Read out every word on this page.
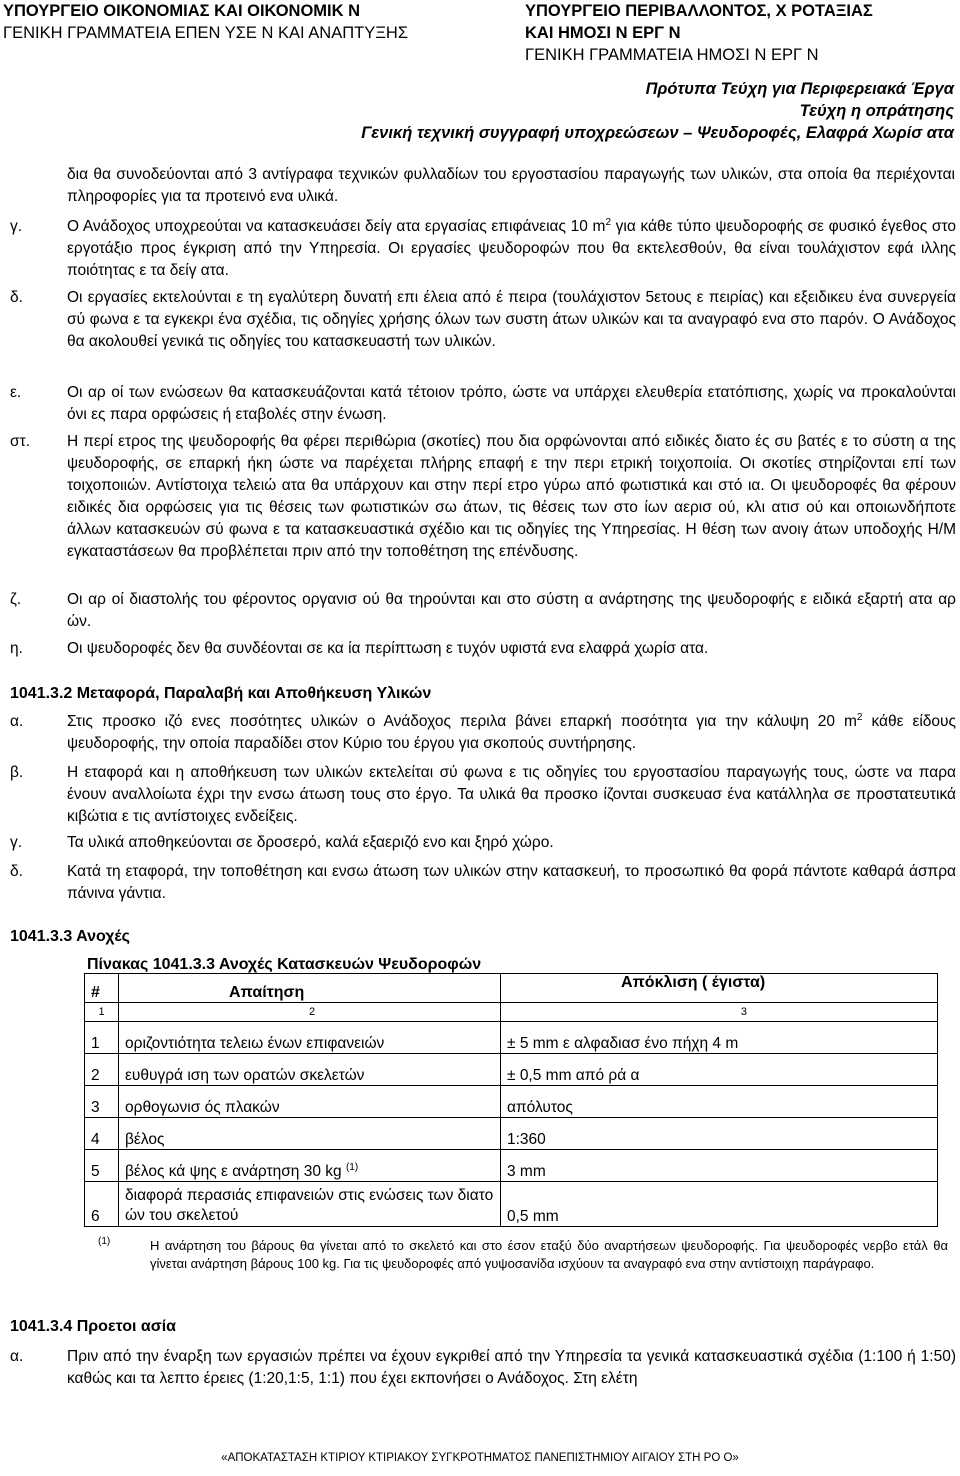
ΥΠΟΥΡΓΕΙΟ ΟΙΚΟΝΟΜΙΑΣ ΚΑΙ ΟΙΚΟΝΟΜΙΚ Ν
ΓΕΝΙΚΗ ΓΡΑΜΜΑΤΕΙΑ ΕΠΕΝ ΥΣΕ Ν ΚΑΙ ΑΝΑΠΤΥΞΗΣ
ΥΠΟΥΡΓΕΙΟ ΠΕΡΙΒΑΛΛΟΝΤΟΣ, Χ ΡΟΤΑΞΙΑΣ
ΚΑΙ ΗΜΟΣΙ Ν ΕΡΓ Ν
ΓΕΝΙΚΗ ΓΡΑΜΜΑΤΕΙΑ ΗΜΟΣΙ Ν ΕΡΓ Ν
Πρότυπα Τεύχη για Περιφερειακά Έργα
Τεύχη η οπράτησης
Γενική τεχνική συγγραφή υποχρεώσεων – Ψευδοροφές, Ελαφρά Χωρίσ ατα
δια θα συνοδεύονται από 3 αντίγραφα τεχνικών φυλλαδίων του εργοστασίου παραγωγής των υλικών, στα οποία θα περιέχονται πληροφορίες για τα προτεινό ενα υλικά.
γ.	Ο Ανάδοχος υποχρεούται να κατασκευάσει δείγ ατα εργασίας επιφάνειας 10 $m^2$ για κάθε τύπο ψευδοροφής σε φυσικό έγεθος στο εργοτάξιο προς έγκριση από την Υπηρεσία. Οι εργασίες ψευδοροφών που θα εκτελεσθούν, θα είναι τουλάχιστον εφά ιλλης ποιότητας ε τα δείγ ατα.
δ.	Οι εργασίες εκτελούνται ε τη εγαλύτερη δυνατή επι έλεια από έ πειρα (τουλάχιστον 5ετους ε πειρίας) και εξειδικευ ένα συνεργεία σύ φωνα ε τα εγκεκρι ένα σχέδια, τις οδηγίες χρήσης όλων των συστη άτων υλικών και τα αναγραφό ενα στο παρόν. Ο Ανάδοχος θα ακολουθεί γενικά τις οδηγίες του κατασκευαστή των υλικών.
ε.	Οι αρ οί των ενώσεων θα κατασκευάζονται κατά τέτοιον τρόπο, ώστε να υπάρχει ελευθερία ετατόπισης, χωρίς να προκαλούνται όνι ες παρα ορφώσεις ή εταβολές στην ένωση.
στ.	Η περί ετρος της ψευδοροφής θα φέρει περιθώρια (σκοτίες) που δια ορφώνονται από ειδικές διατο ές συ βατές ε το σύστη α της ψευδοροφής, σε επαρκή ήκη ώστε να παρέχεται πλήρης επαφή ε την περι ετρική τοιχοποιία. Οι σκοτίες στηρίζονται επί των τοιχοποιιών. Αντίστοιχα τελειώ ατα θα υπάρχουν και στην περί ετρο γύρω από φωτιστικά και στό ια. Οι ψευδοροφές θα φέρουν ειδικές δια ορφώσεις για τις θέσεις των φωτιστικών σω άτων, τις θέσεις των στο ίων αερισ ού, κλι ατισ ού και οποιωνδήποτε άλλων κατασκευών σύ φωνα ε τα κατασκευαστικά σχέδιο και τις οδηγίες της Υπηρεσίας. Η θέση των ανοιγ άτων υποδοχής Η/Μ εγκαταστάσεων θα προβλέπεται πριν από την τοποθέτηση της επένδυσης.
ζ.	Οι αρ οί διαστολής του φέροντος οργανισ ού θα τηρούνται και στο σύστη α ανάρτησης της ψευδοροφής ε ειδικά εξαρτή ατα αρ ών.
η.	Οι ψευδοροφές δεν θα συνδέονται σε κα ία περίπτωση ε τυχόν υφιστά ενα ελαφρά χωρίσ ατα.
1041.3.2 Μεταφορά, Παραλαβή και Αποθήκευση Υλικών
α.	Στις προσκο ιζό ενες ποσότητες υλικών ο Ανάδοχος περιλα βάνει επαρκή ποσότητα για την κάλυψη 20 $m^2$ κάθε είδους ψευδοροφής, την οποία παραδίδει στον Κύριο του έργου για σκοπούς συντήρησης.
β.	Η εταφορά και η αποθήκευση των υλικών εκτελείται σύ φωνα ε τις οδηγίες του εργοστασίου παραγωγής τους, ώστε να παρα ένουν αναλλοίωτα έχρι την ενσω άτωση τους στο έργο. Τα υλικά θα προσκο ίζονται συσκευασ ένα κατάλληλα σε προστατευτικά κιβώτια ε τις αντίστοιχες ενδείξεις.
γ.	Τα υλικά αποθηκεύονται σε δροσερό, καλά εξαεριζό ενο και ξηρό χώρο.
δ.	Κατά τη εταφορά, την τοποθέτηση και ενσω άτωση των υλικών στην κατασκευή, το προσωπικό θα φορά πάντοτε καθαρά άσπρα πάνινα γάντια.
1041.3.3 Ανοχές
Πίνακας 1041.3.3 Ανοχές Κατασκευών Ψευδοροφών
#	Απαίτηση	Απόκλιση ( έγιστα)
1	2	3
1	οριζοντιότητα τελειω ένων επιφανειών	± 5 mm ε αλφαδιασ ένο πήχη 4 m
2	ευθυγρά ιση των ορατών σκελετών	± 0,5 mm από ρά α
3	ορθογωνισ ός πλακών	απόλυτος
4	βέλος	1:360
5	βέλος κά ψης ε ανάρτηση 30 kg $^{(1)}$	3 mm
6	διαφορά περασιάς επιφανειών στις ενώσεις των διατο ών του σκελετού	0,5 mm
(1)	Η ανάρτηση του βάρους θα γίνεται από το σκελετό και στο έσον εταξύ δύο αναρτήσεων ψευδοροφής. Για ψευδοροφές νερβο ετάλ θα γίνεται ανάρτηση βάρους 100 kg. Για τις ψευδοροφές από γυψοσανίδα ισχύουν τα αναγραφό ενα στην αντίστοιχη παράγραφο.
1041.3.4 Προετοι ασία
α.	Πριν από την έναρξη των εργασιών πρέπει να έχουν εγκριθεί από την Υπηρεσία τα γενικά κατασκευαστικά σχέδια (1:100 ή 1:50) καθώς και τα λεπτο έρειες (1:20,1:5, 1:1) που έχει εκπονήσει ο Ανάδοχος. Στη ελέτη
«ΑΠΟΚΑΤΑΣΤΑΣΗ ΚΤΙΡΙΟΥ ΚΤΙΡΙΑΚΟΥ ΣΥΓΚΡΟΤΗΜΑΤΟΣ ΠΑΝΕΠΙΣΤΗΜΙΟΥ ΑΙΓΑΙΟΥ ΣΤΗ ΡΟ Ο»
